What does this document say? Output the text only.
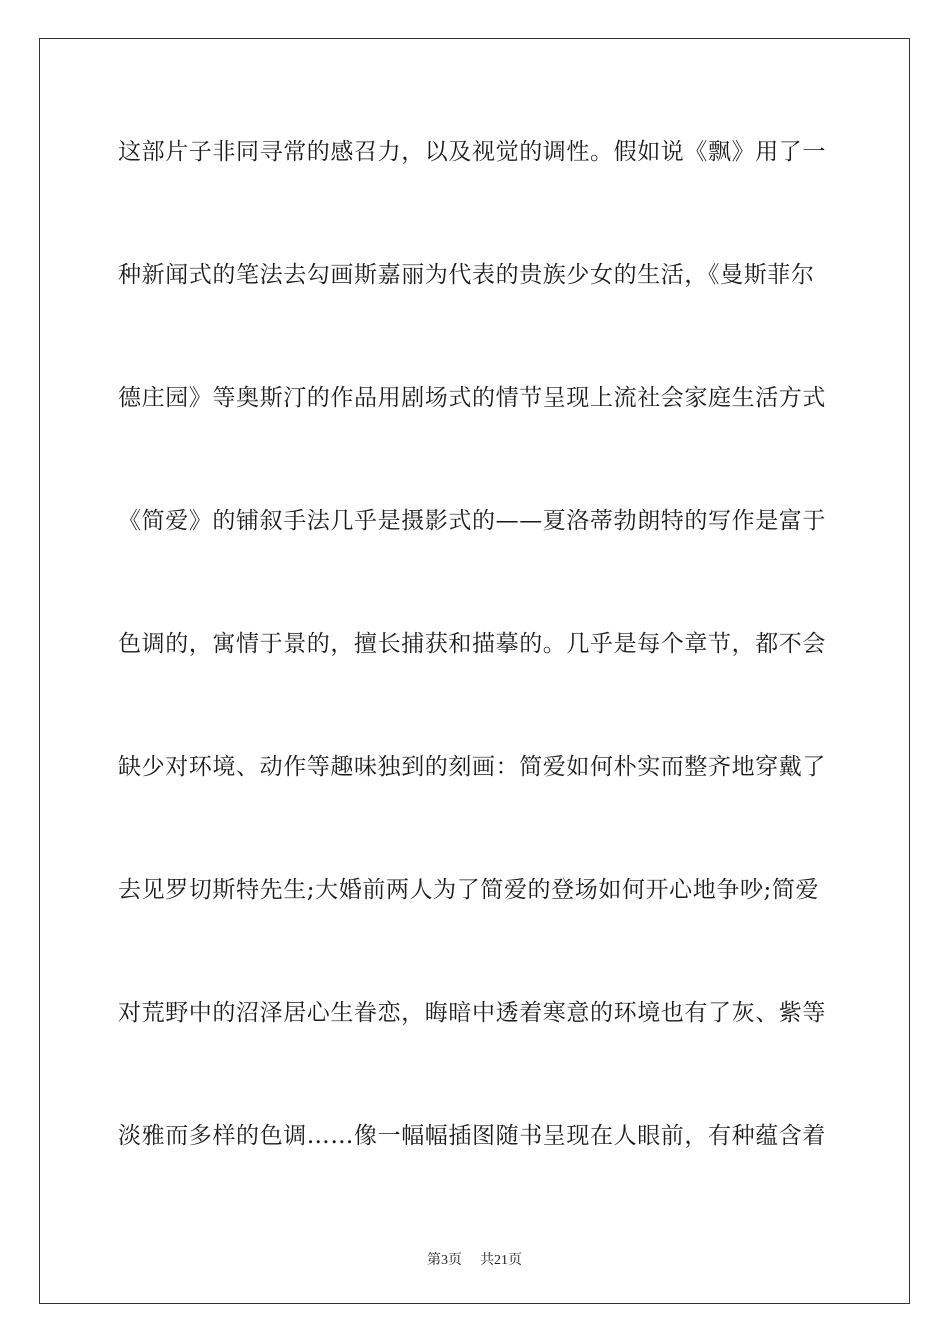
这部片子非同寻常的感召力，以及视觉的调性。假如说《飘》用了一
种新闻式的笔法去勾画斯嘉丽为代表的贵族少女的生活，《曼斯菲尔
德庄园》等奥斯汀的作品用剧场式的情节呈现上流社会家庭生活方式
《简爱》的铺叙手法几乎是摄影式的——夏洛蒂勃朗特的写作是富于
色调的，寓情于景的，擅长捕获和描摹的。几乎是每个章节，都不会
缺少对环境、动作等趣味独到的刻画：简爱如何朴实而整齐地穿戴了
去见罗切斯特先生;大婚前两人为了简爱的登场如何开心地争吵;简爱
对荒野中的沼泽居心生眷恋，晦暗中透着寒意的环境也有了灰、紫等
淡雅而多样的色调……像一幅幅插图随书呈现在人眼前，有种蕴含着
第3页 共21页
